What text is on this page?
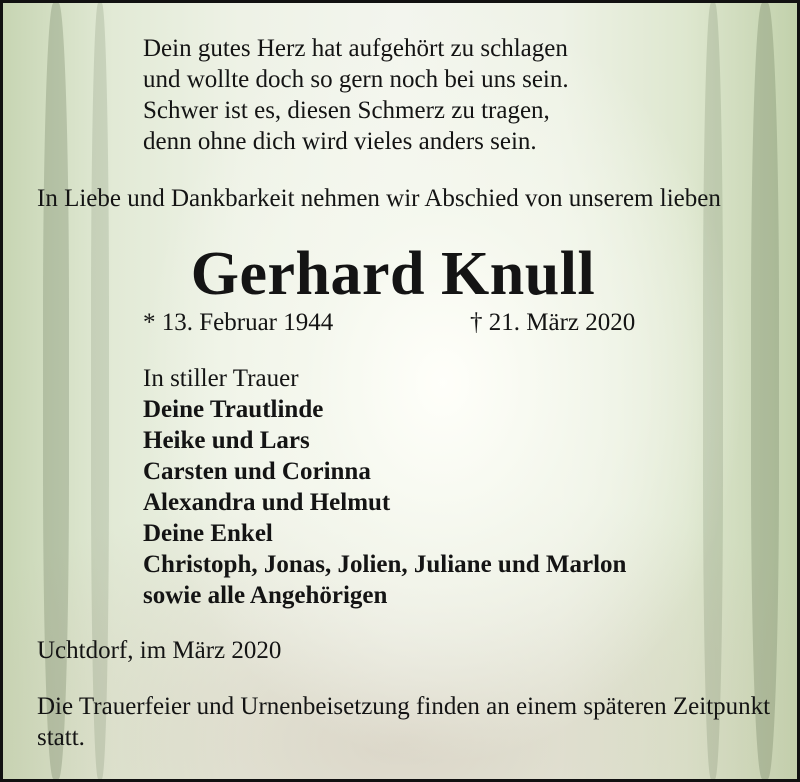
Dein gutes Herz hat aufgehört zu schlagen
und wollte doch so gern noch bei uns sein.
Schwer ist es, diesen Schmerz zu tragen,
denn ohne dich wird vieles anders sein.
In Liebe und Dankbarkeit nehmen wir Abschied von unserem lieben
Gerhard Knull
* 13. Februar 1944	† 21. März 2020
In stiller Trauer
Deine Trautlinde
Heike und Lars
Carsten und Corinna
Alexandra und Helmut
Deine Enkel
Christoph, Jonas, Jolien, Juliane und Marlon
sowie alle Angehörigen
Uchtdorf, im März 2020
Die Trauerfeier und Urnenbeisetzung finden an einem späteren Zeitpunkt statt.
